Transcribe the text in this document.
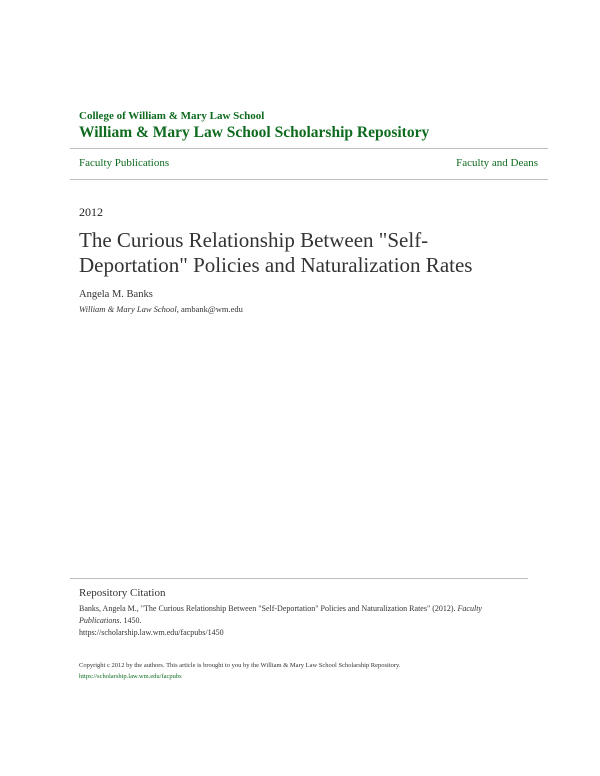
College of William & Mary Law School
William & Mary Law School Scholarship Repository
Faculty Publications	Faculty and Deans
2012
The Curious Relationship Between "Self-Deportation" Policies and Naturalization Rates
Angela M. Banks
William & Mary Law School, ambank@wm.edu
Repository Citation
Banks, Angela M., "The Curious Relationship Between "Self-Deportation" Policies and Naturalization Rates" (2012). Faculty Publications. 1450.
https://scholarship.law.wm.edu/facpubs/1450
Copyright c 2012 by the authors. This article is brought to you by the William & Mary Law School Scholarship Repository.
https://scholarship.law.wm.edu/facpubs
